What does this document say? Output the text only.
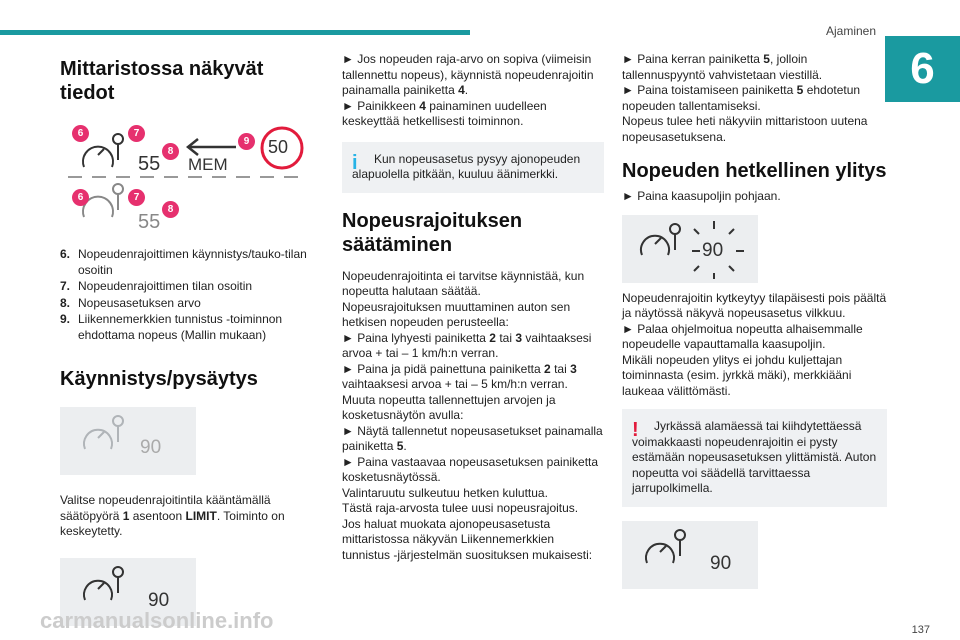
Ajaminen
6
Mittaristossa näkyvät tiedot
55 MEM
50
55
6	7
8
9
6	7
8
6. Nopeudenrajoittimen käynnistys/tauko-tilan osoitin
7. Nopeudenrajoittimen tilan osoitin
8. Nopeusasetuksen arvo
9. Liikennemerkkien tunnistus -toiminnon ehdottama nopeus (Mallin mukaan)
Käynnistys/pysäytys
90

Valitse nopeudenrajoitintila kääntämällä säätöpyörä 1 asentoon LIMIT. Toiminto on keskeytetty.

90

► Jos nopeuden raja-arvo on sopiva (viimeisin tallennettu nopeus), käynnistä nopeudenrajoitin painamalla painiketta 4.

► Painikkeen 4 painaminen uudelleen keskeyttää hetkellisesti toiminnon.

i	Kun nopeusasetus pysyy ajonopeuden alapuolella pitkään, kuuluu äänimerkki.
Nopeusrajoituksen säätäminen

Nopeudenrajoitinta ei tarvitse käynnistää, kun nopeutta halutaan säätää.

Nopeusrajoituksen muuttaminen auton sen hetkisen nopeuden perusteella:

► Paina lyhyesti painiketta 2 tai 3 vaihtaaksesi arvoa + tai – 1 km/h:n verran.

► Paina ja pidä painettuna painiketta 2 tai 3 vaihtaaksesi arvoa + tai – 5 km/h:n verran.

Muuta nopeutta tallennettujen arvojen ja kosketusnäytön avulla:

► Näytä tallennetut nopeusasetukset painamalla painiketta 5.

► Paina vastaavaa nopeusasetuksen painiketta kosketusnäytössä.

Valintaruutu sulkeutuu hetken kuluttua.

Tästä raja-arvosta tulee uusi nopeusrajoitus.

Jos haluat muokata ajonopeusasetusta mittaristossa näkyvän Liikennemerkkien tunnistus -järjestelmän suosituksen mukaisesti:

► Paina kerran painiketta 5, jolloin tallennuspyyntö vahvistetaan viestillä.

► Paina toistamiseen painiketta 5 ehdotetun nopeuden tallentamiseksi.

Nopeus tulee heti näkyviin mittaristoon uutena nopeusasetuksena.

Nopeuden hetkellinen ylitys

► Paina kaasupoljin pohjaan.

90

Nopeudenrajoitin kytkeytyy tilapäisesti pois päältä ja näytössä näkyvä nopeusasetus vilkkuu.

► Palaa ohjelmoitua nopeutta alhaisemmalle nopeudelle vapauttamalla kaasupoljin.

Mikäli nopeuden ylitys ei johdu kuljettajan toiminnasta (esim. jyrkkä mäki), merkkiääni laukeaa välittömästi.

!	Jyrkässä alamäessä tai kiihdytettäessä voimakkaasti nopeudenrajoitin ei pysty estämään nopeusasetuksen ylittämistä. Auton nopeutta voi säädellä tarvittaessa jarrupolkimella.
90
carmanualsonline.info	137
